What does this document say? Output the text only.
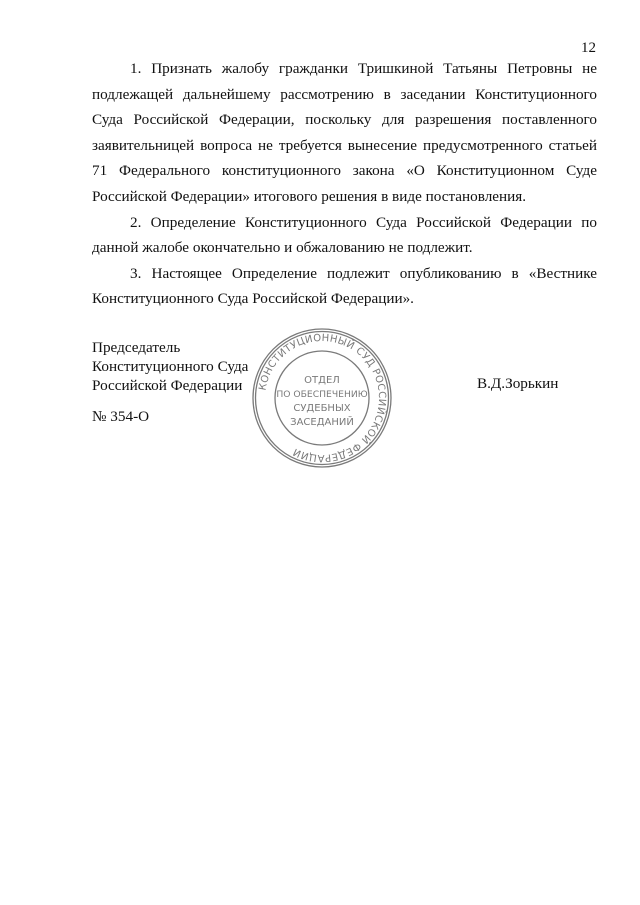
12

1. Признать жалобу гражданки Тришкиной Татьяны Петровны не подлежащей дальнейшему рассмотрению в заседании Конституционного Суда Российской Федерации, поскольку для разрешения поставленного заявительницей вопроса не требуется вынесение предусмотренного статьей 71 Федерального конституционного закона «О Конституционном Суде Российской Федерации» итогового решения в виде постановления.

2. Определение Конституционного Суда Российской Федерации по данной жалобе окончательно и обжалованию не подлежит.

3. Настоящее Определение подлежит опубликованию в «Вестнике Конституционного Суда Российской Федерации».

Председатель
Конституционного Суда
Российской Федерации	В.Д.Зорькин
№ 354-О
КОНСТИТУЦИОННЫЙ СУД РОССИЙСКОЙ ФЕДЕРАЦИИ
ОТДЕЛ
ПО ОБЕСПЕЧЕНИЮ
СУДЕБНЫХ
ЗАСЕДАНИЙ
